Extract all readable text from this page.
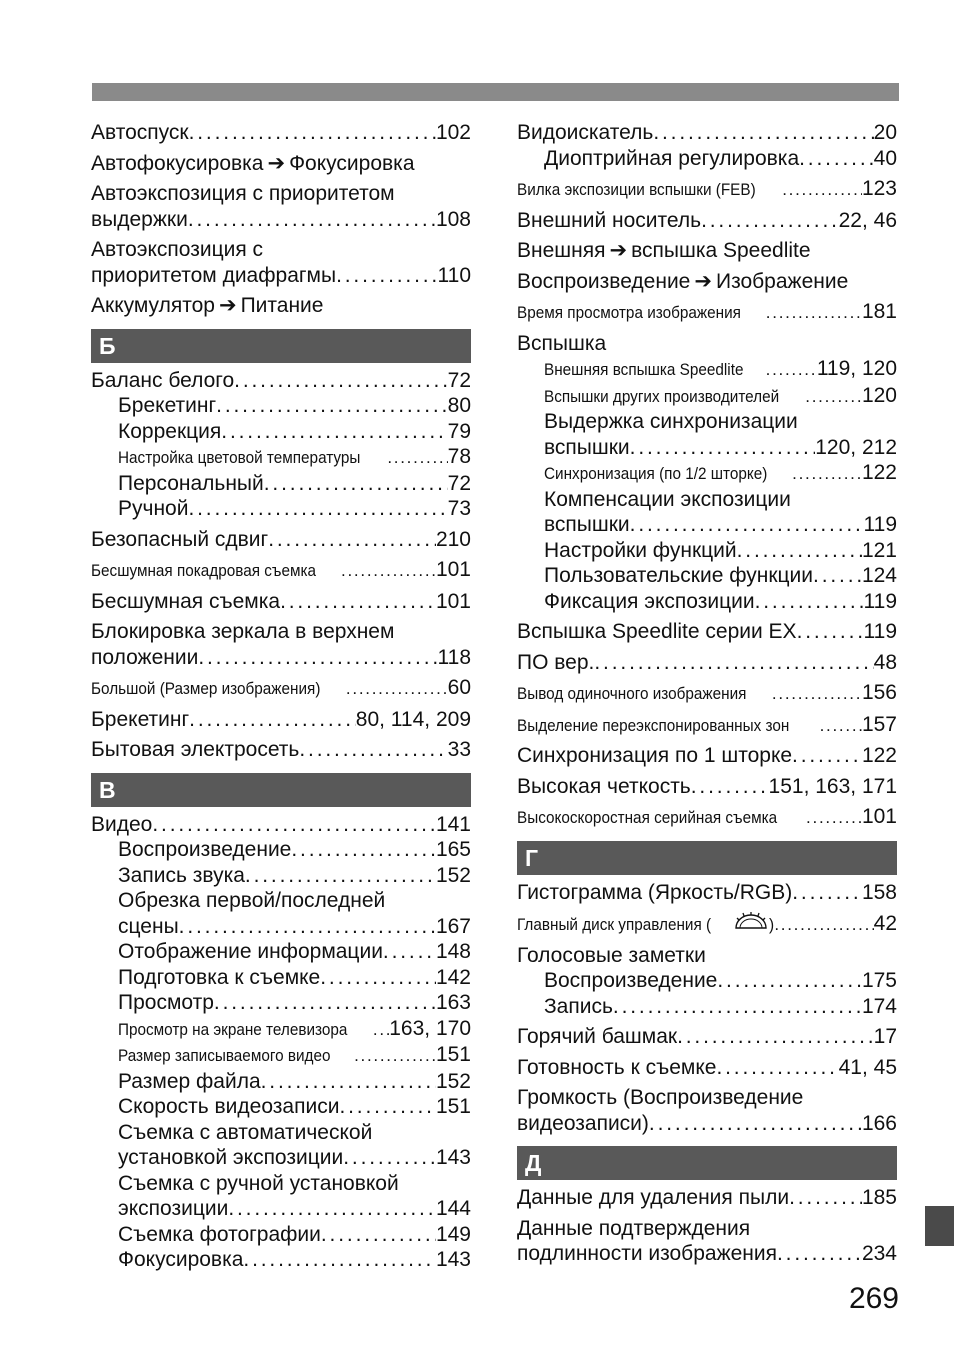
Автоспуск . . .	102
Автофокусировка ➔ Фокусировка
Автоэкспозиция с приоритетом
выдержки . . .	108
Автоэкспозиция с
приоритетом диафрагмы . . .	110
Аккумулятор ➔ Питание
Б
Баланс белого . . .	72
Брекетинг . . .	80
Коррекция . . .	79
Настройка цветовой температуры . . .	78
Персональный . . .	72
Ручной . . .	73
Безопасный сдвиг . . .	210
Бесшумная покадровая съемка . . .	101
Бесшумная съемка . . .	101
Блокировка зеркала в верхнем
положении . . .	118
Большой (Размер изображения) . . .	60
Брекетинг . . .	80, 114, 209
Бытовая электросеть . . .	33
В
Видео . . .	141
Воспроизведение . . .	165
Запись звука . . .	152
Обрезка первой/последней
сцены . . .	167
Отображение информации . . .	148
Подготовка к съемке . . .	142
Просмотр . . .	163
Просмотр на экране телевизора . . . 163, 170
Размер записываемого видео . . .	151
Размер файла . . .	152
Скорость видеозаписи . . .	151
Съемка с автоматической
установкой экспозиции . . .	143
Съемка с ручной установкой
экспозиции . . .	144
Съемка фотографии . . .	149
Фокусировка . . .	143
Видоискатель . . .	20
Диоптрийная регулировка . . .	40
Вилка экспозиции вспышки (FEB) . . .	123
Внешний носитель . . .	22, 46
Внешняя ➔ вспышка Speedlite
Воспроизведение ➔ Изображение
Время просмотра изображения . . .	181
Вспышка
Внешняя вспышка Speedlite . . .	119, 120
Вспышки других производителей . . .	120
Выдержка синхронизации
вспышки . . .	120, 212
Синхронизация (по 1/2 шторке) . . .	122
Компенсации экспозиции
вспышки . . .	119
Настройки функций . . .	121
Пользовательские функции . . . 124
Фиксация экспозиции . . .	119
Вспышка Speedlite серии EX . . .	119
ПО вер. . . .	48
Вывод одиночного изображения . . .	156
Выделение переэкспонированных зон . . .	157
Синхронизация по 1 шторке . . .	122
Высокая четкость . . .	151, 163, 171
Высокоскоростная серийная съемка . . .	101
Г
Гистограмма (Яркость/RGB) . . .	158
Главный диск управления (	) . . .	42
Голосовые заметки
Воспроизведение . . .	175
Запись . . .	174
Горячий башмак . . .	17
Готовность к съемке . . .	41, 45
Громкость (Воспроизведение
видеозаписи) . . .	166
Д
Данные для удаления пыли . . .	185
Данные подтверждения
подлинности изображения . . .	234
269
